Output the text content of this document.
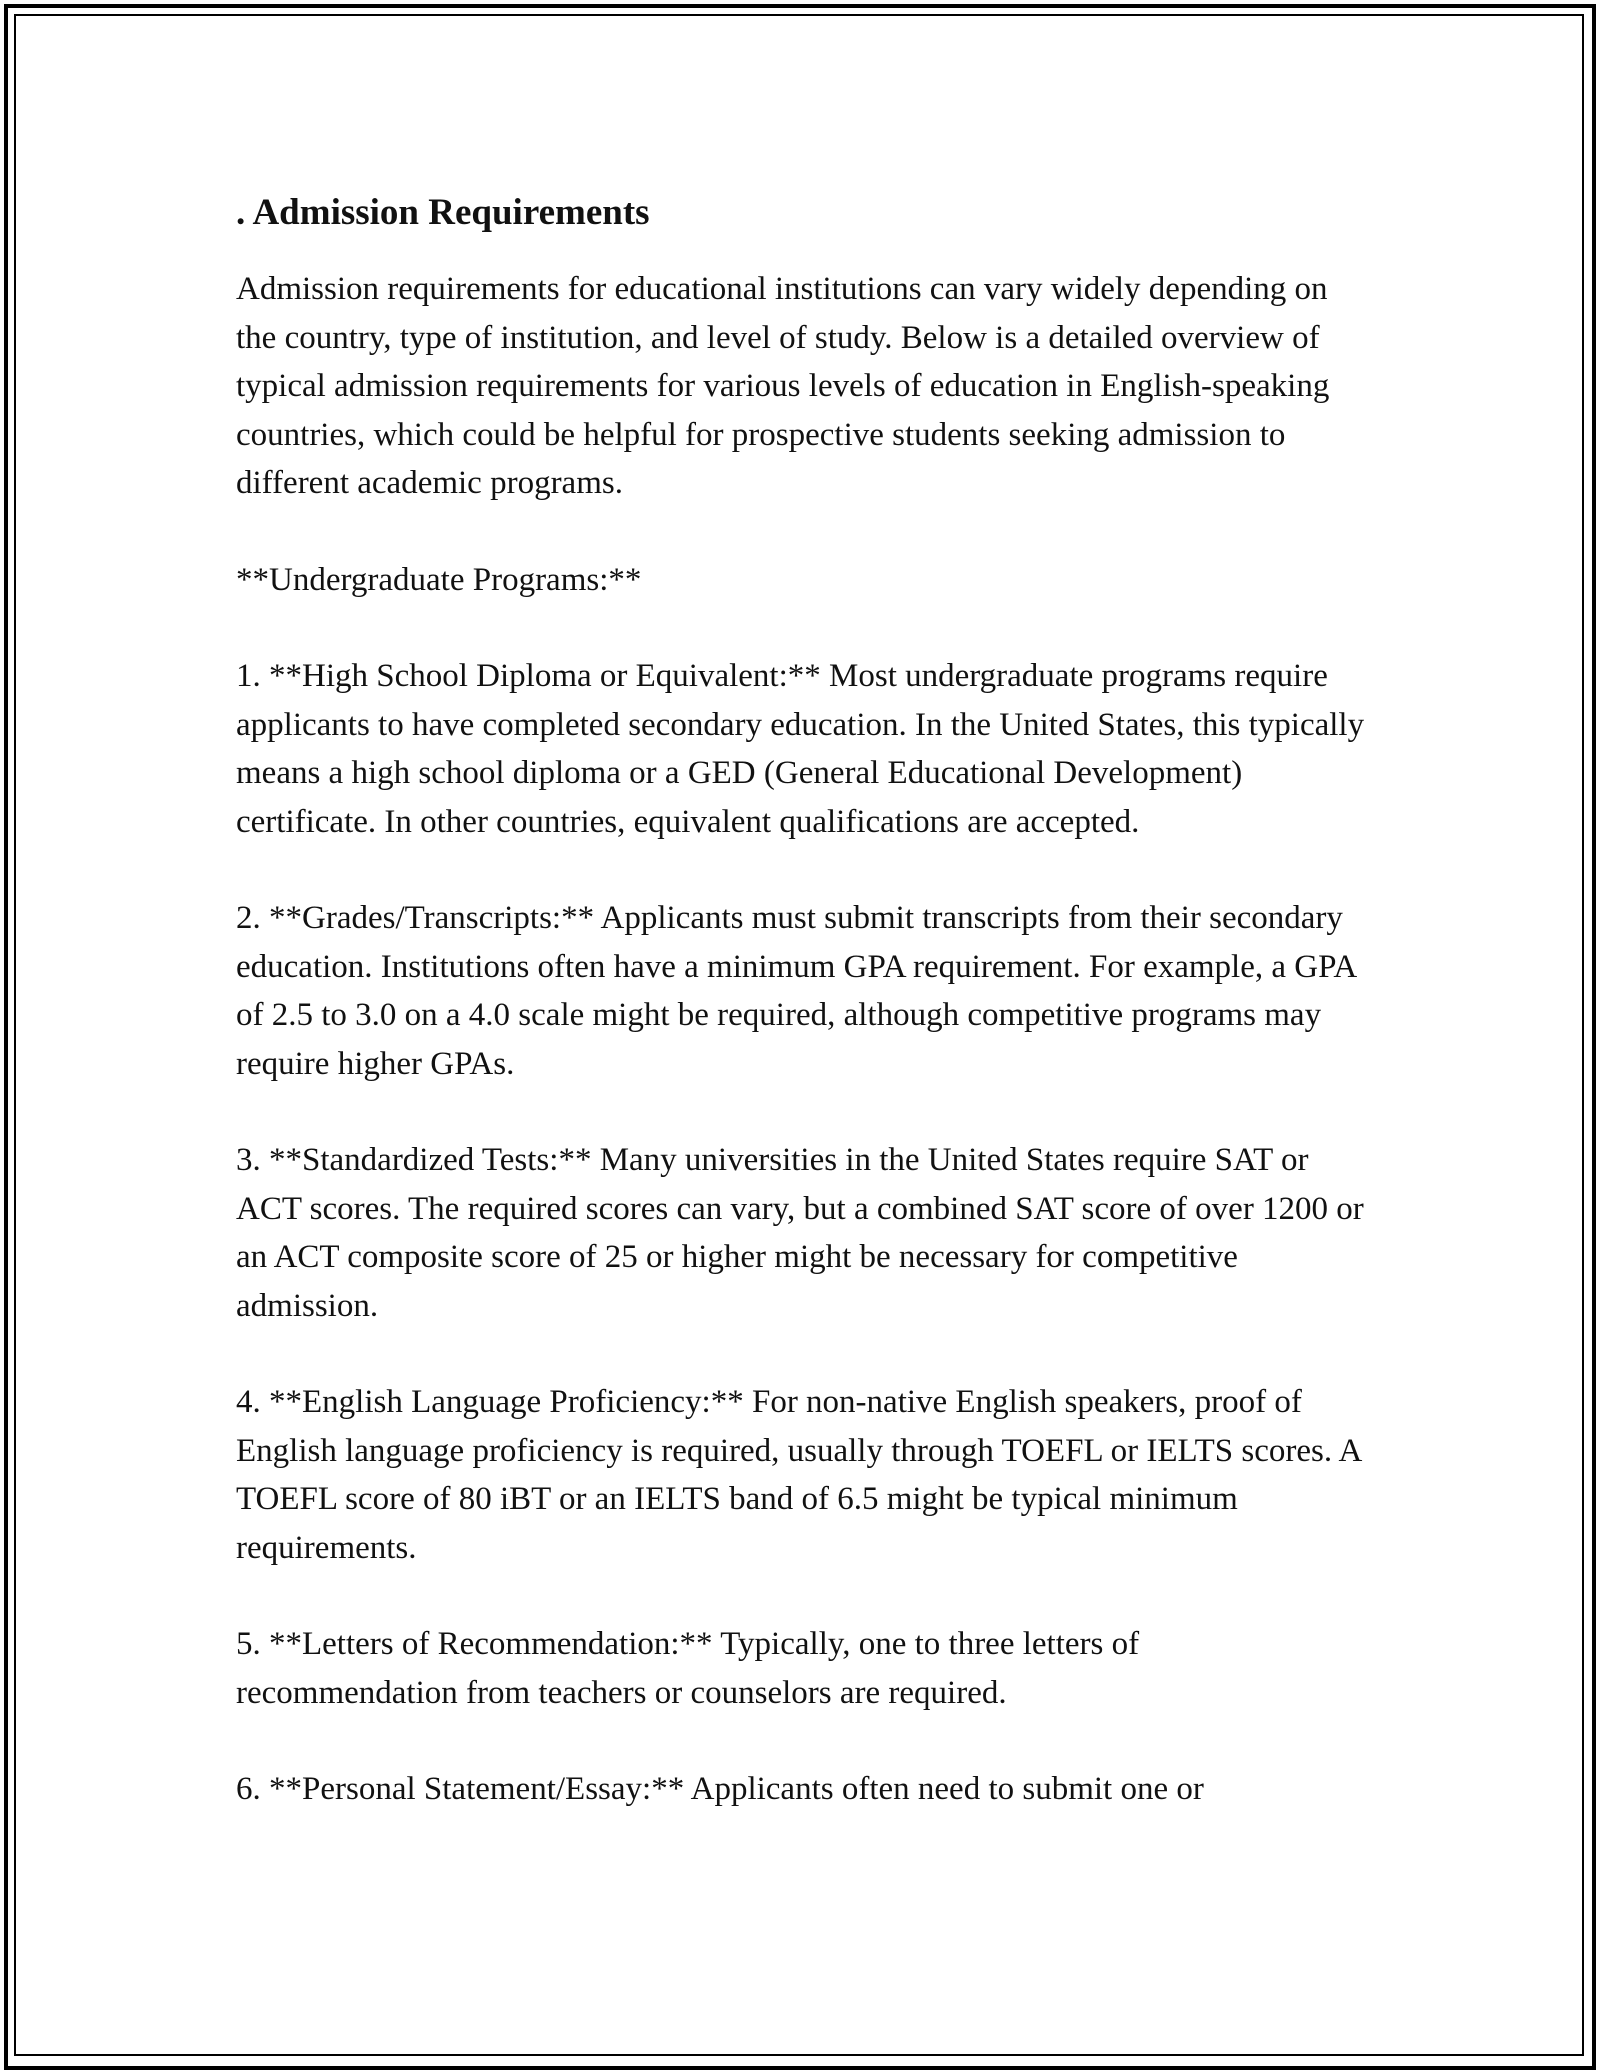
. Admission Requirements

Admission requirements for educational institutions can vary widely depending on the country, type of institution, and level of study. Below is a detailed overview of typical admission requirements for various levels of education in English-speaking countries, which could be helpful for prospective students seeking admission to different academic programs.

**Undergraduate Programs:**

1. **High School Diploma or Equivalent:** Most undergraduate programs require applicants to have completed secondary education. In the United States, this typically means a high school diploma or a GED (General Educational Development) certificate. In other countries, equivalent qualifications are accepted.

2. **Grades/Transcripts:** Applicants must submit transcripts from their secondary education. Institutions often have a minimum GPA requirement. For example, a GPA of 2.5 to 3.0 on a 4.0 scale might be required, although competitive programs may require higher GPAs.

3. **Standardized Tests:** Many universities in the United States require SAT or ACT scores. The required scores can vary, but a combined SAT score of over 1200 or an ACT composite score of 25 or higher might be necessary for competitive admission.

4. **English Language Proficiency:** For non-native English speakers, proof of English language proficiency is required, usually through TOEFL or IELTS scores. A TOEFL score of 80 iBT or an IELTS band of 6.5 might be typical minimum requirements.

5. **Letters of Recommendation:** Typically, one to three letters of recommendation from teachers or counselors are required.

6. **Personal Statement/Essay:** Applicants often need to submit one or
